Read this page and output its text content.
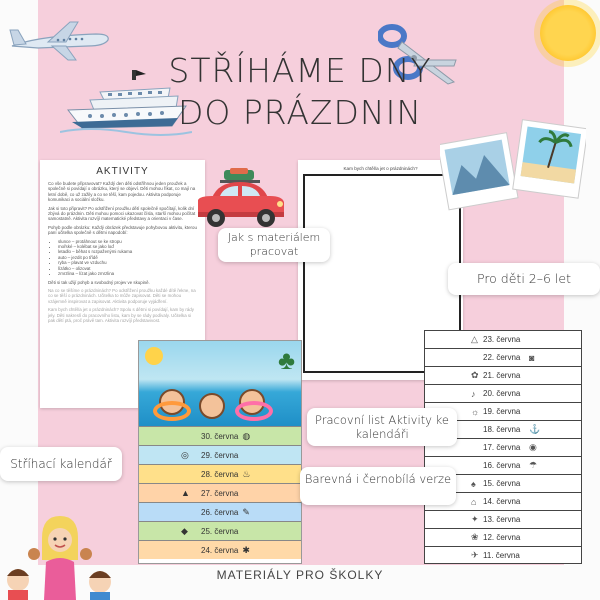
STŘÍHÁME DNY
DO PRÁZDNIN
AKTIVITY

Co vše budete připravovat? Každý den děti odstříhnou jeden proužek a společně si povídají o obrázku, který se objeví. Děti mohou říkat, co mají na letní době, co už zažily a co se těší, kam pojedou. Aktivita podporuje komunikaci a sociální složku.

Jak si toto připravit? Po odstřižení proužku dětí společně spočítají, kolik dní zbývá do prázdnin. Děti mohou pomoci ukazovat čísla, starší mohou počítat samostatně. Aktivita rozvíjí matematické představy a orientaci v čase.

Pohyb podle obrázku: Každý obrázek představuje pohybovou aktivitu, kterou paní učitelka společně s dětmi napodobí:

• slunce – protáhnout se ke stropu
• mořské – kolébat se jako loď
• letadlo – běhat s rozpaženými rukama
• auto – jezdit po třídě
• ryba – plavat ve vzduchu
• lízátko – olizovat
• zmrzlina – lízat jako zmrzlina

Děti si tak užijí pohyb a svobodný projev ve skupině.

Na co se těšíme o prázdninách? Po odstřižení proužku každé dítě řekne, na co se těší o prázdninách. Učitelka to může zapisovat. Děti se mohou vzájemně inspirovat a zapisovat. Aktivita podporuje vyjádření.

Kam bych chtěl/a jet o prázdninách? Spolu s dětmi si povídají, kam by rády jely. Děti nakreslí do pracovního listu, kam by se rády podívaly. Učitelka si pak dětí ptá, proč právě tam. Aktivita rozvíjí představivost.

Kam bych chtěl/a jet o prázdninách?
△ 23. června
22. června ◙
✿ 21. června
♪ 20. června
☼ 19. června
18. června ⚓
17. června ◉
16. června ☂
♠ 15. června
⌂ 14. června
✦ 13. června
❀ 12. června
✈ 11. června
♣
30. června ◍
◎ 29. června
28. června ♨
▲ 27. června
26. června ✎
◆ 25. června
24. června ✱
Jak s materiálem pracovat
Pro děti 2–6 let
Pracovní list Aktivity ke kalendáři
Barevná i černobílá verze
Stříhací kalendář
MATERIÁLY PRO ŠKOLKY
